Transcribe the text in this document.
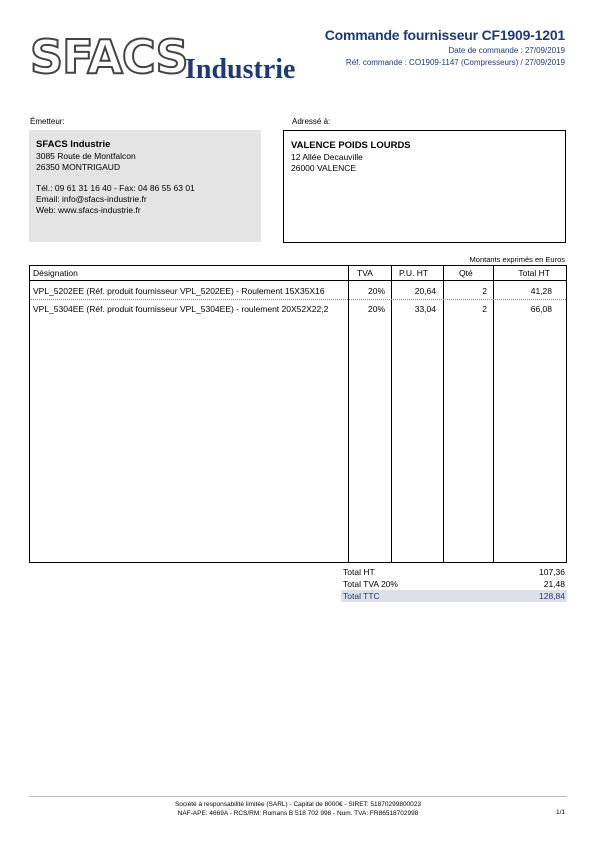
SFACS
Industrie
Commande fournisseur CF1909-1201
Date de commande : 27/09/2019
Réf. commande : CO1909-1147 (Compresseurs) / 27/09/2019
Émetteur:
SFACS Industrie
3085 Route de Montfalcon
26350 MONTRIGAUD
Tél.: 09 61 31 16 40 - Fax: 04 86 55 63 01
Email: info@sfacs-industrie.fr
Web: www.sfacs-industrie.fr
Adressé à:
VALENCE POIDS LOURDS
12 Allée Decauville
26000 VALENCE
Montants exprimés en Euros
Désignation	TVA	P.U. HT	Qté	Total HT
VPL_5202EE (Réf. produit fournisseur VPL_5202EE) - Roulement 15X35X16	20%	20,64	2	41,28
VPL_5304EE (Réf. produit fournisseur VPL_5304EE) - roulement 20X52X22,2	20%	33,04	2	66,08
Total HT	107,36
Total TVA 20%	21,48
Total TTC	128,84
Société à responsabilité limitée (SARL) - Capital de 8000€ - SIRET: 51870299800023
NAF-APE: 4669A - RCS/RM: Romans B 518 702 998 - Num. TVA: FR86518702998	1/1
